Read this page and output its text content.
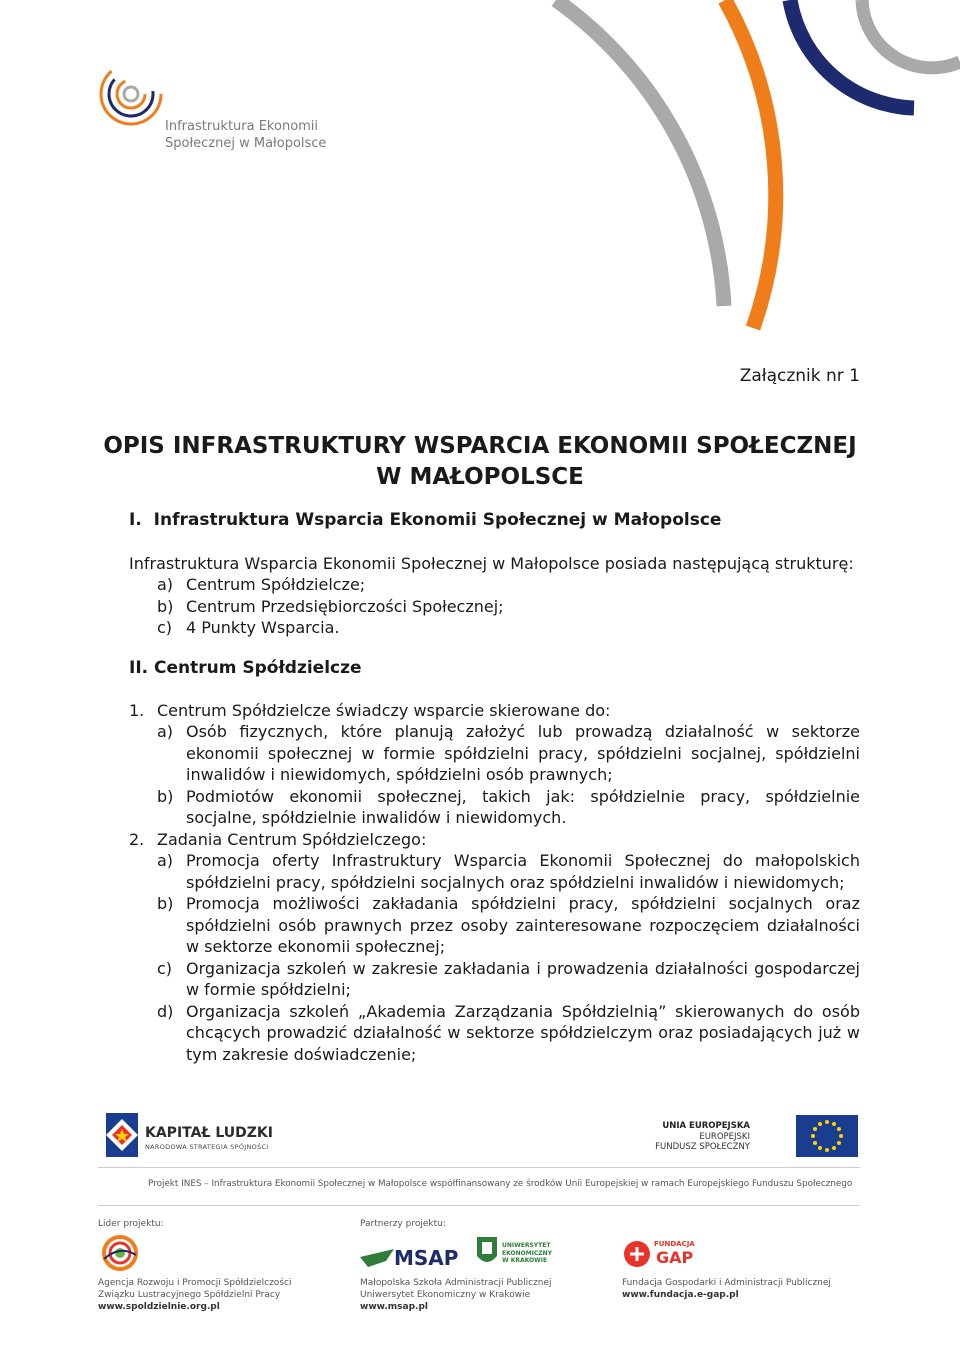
Infrastruktura Ekonomii
Społecznej w Małopolsce
Załącznik nr 1
OPIS INFRASTRUKTURY WSPARCIA EKONOMII SPOŁECZNEJ
W MAŁOPOLSCE
I. Infrastruktura Wsparcia Ekonomii Społecznej w Małopolsce
Infrastruktura Wsparcia Ekonomii Społecznej w Małopolsce posiada następującą strukturę:
a) Centrum Spółdzielcze;
b) Centrum Przedsiębiorczości Społecznej;
c) 4 Punkty Wsparcia.
II. Centrum Spółdzielcze
1. Centrum Spółdzielcze świadczy wsparcie skierowane do:
a) Osób fizycznych, które planują założyć lub prowadzą działalność w sektorze ekonomii społecznej w formie spółdzielni pracy, spółdzielni socjalnej, spółdzielni inwalidów i niewidomych, spółdzielni osób prawnych;
b) Podmiotów ekonomii społecznej, takich jak: spółdzielnie pracy, spółdzielnie socjalne, spółdzielnie inwalidów i niewidomych.
2. Zadania Centrum Spółdzielczego:
a) Promocja oferty Infrastruktury Wsparcia Ekonomii Społecznej do małopolskich spółdzielni pracy, spółdzielni socjalnych oraz spółdzielni inwalidów i niewidomych;
b) Promocja możliwości zakładania spółdzielni pracy, spółdzielni socjalnych oraz spółdzielni osób prawnych przez osoby zainteresowane rozpoczęciem działalności w sektorze ekonomii społecznej;
c) Organizacja szkoleń w zakresie zakładania i prowadzenia działalności gospodarczej w formie spółdzielni;
d) Organizacja szkoleń „Akademia Zarządzania Spółdzielnią” skierowanych do osób chcących prowadzić działalność w sektorze spółdzielczym oraz posiadających już w tym zakresie doświadczenie;
KAPITAŁ LUDZKI
NARODOWA STRATEGIA SPÓJNOŚCI
UNIA EUROPEJSKA
EUROPEJSKI
FUNDUSZ SPOŁECZNY
Projekt INES – Infrastruktura Ekonomii Społecznej w Małopolsce współfinansowany ze środków Unii Europejskiej w ramach Europejskiego Funduszu Społecznego
Lider projektu:	Partnerzy projektu:
Agencja Rozwoju i Promocji Spółdzielczości
Związku Lustracyjnego Spółdzielni Pracy
www.spoldzielnie.org.pl
MSAP
UNIWERSYTET
EKONOMICZNY
W KRAKOWIE
Małopolska Szkoła Administracji Publicznej
Uniwersytet Ekonomiczny w Krakowie
www.msap.pl
FUNDACJA
GAP
Fundacja Gospodarki i Administracji Publicznej
www.fundacja.e-gap.pl
